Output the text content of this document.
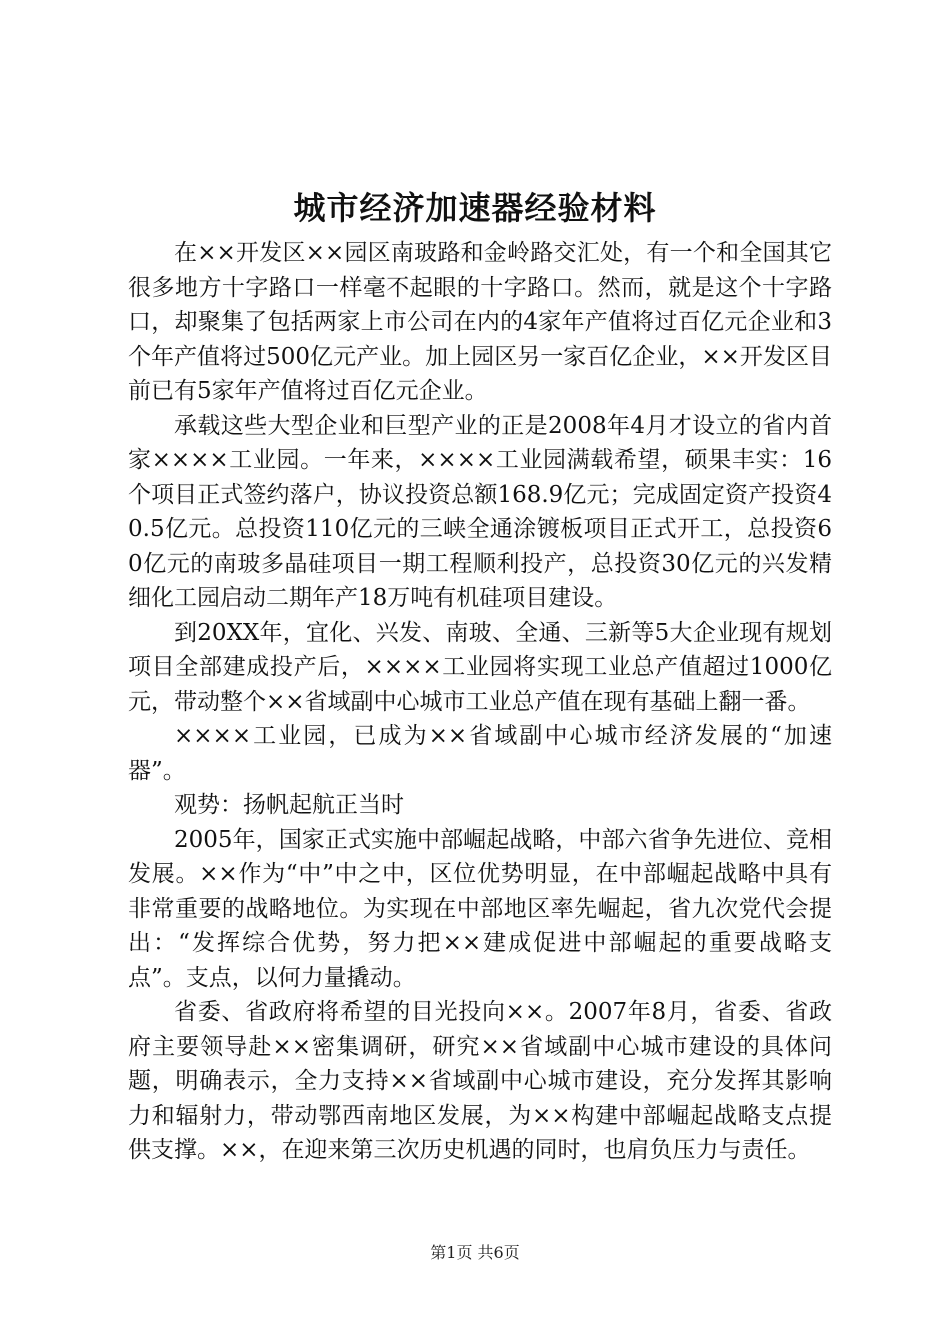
城市经济加速器经验材料

在××开发区××园区南玻路和金岭路交汇处，有一个和全国其它很多地方十字路口一样毫不起眼的十字路口。然而，就是这个十字路口，却聚集了包括两家上市公司在内的4家年产值将过百亿元企业和3个年产值将过500亿元产业。加上园区另一家百亿企业，××开发区目前已有5家年产值将过百亿元企业。

承载这些大型企业和巨型产业的正是2008年4月才设立的省内首家××××工业园。一年来，××××工业园满载希望，硕果丰实：16个项目正式签约落户，协议投资总额168.9亿元；完成固定资产投资40.5亿元。总投资110亿元的三峡全通涂镀板项目正式开工，总投资60亿元的南玻多晶硅项目一期工程顺利投产，总投资30亿元的兴发精细化工园启动二期年产18万吨有机硅项目建设。

到20XX年，宜化、兴发、南玻、全通、三新等5大企业现有规划项目全部建成投产后，××××工业园将实现工业总产值超过1000亿元，带动整个××省域副中心城市工业总产值在现有基础上翻一番。

××××工业园，已成为××省域副中心城市经济发展的“加速器”。

观势：扬帆起航正当时

2005年，国家正式实施中部崛起战略，中部六省争先进位、竞相发展。××作为“中”中之中，区位优势明显，在中部崛起战略中具有非常重要的战略地位。为实现在中部地区率先崛起，省九次党代会提出：“发挥综合优势，努力把××建成促进中部崛起的重要战略支点”。支点，以何力量撬动。

省委、省政府将希望的目光投向××。2007年8月，省委、省政府主要领导赴××密集调研，研究××省域副中心城市建设的具体问题，明确表示，全力支持××省域副中心城市建设，充分发挥其影响力和辐射力，带动鄂西南地区发展，为××构建中部崛起战略支点提供支撑。××，在迎来第三次历史机遇的同时，也肩负压力与责任。

第1页 共6页
